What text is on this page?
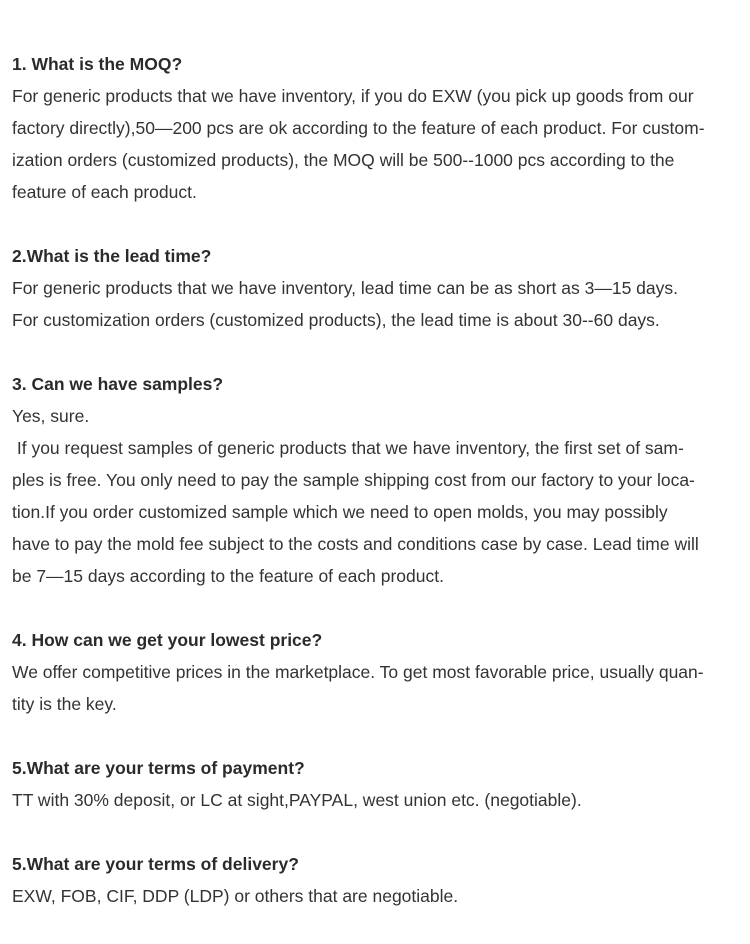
1. What is the MOQ?

For generic products that we have inventory, if you do EXW (you pick up goods from our

factory directly),50—200 pcs are ok according to the feature of each product. For custom-

ization orders (customized products), the MOQ will be 500--1000 pcs according to the

feature of each product.

2.What is the lead time?

For generic products that we have inventory, lead time can be as short as 3—15 days.

For customization orders (customized products), the lead time is about 30--60 days.

3. Can we have samples?

Yes, sure.

If you request samples of generic products that we have inventory, the first set of sam-

ples is free. You only need to pay the sample shipping cost from our factory to your loca-

tion.If you order customized sample which we need to open molds, you may possibly

have to pay the mold fee subject to the costs and conditions case by case. Lead time will

be 7—15 days according to the feature of each product.

4. How can we get your lowest price?

We offer competitive prices in the marketplace. To get most favorable price, usually quan-

tity is the key.

5.What are your terms of payment?

TT with 30% deposit, or LC at sight,PAYPAL, west union etc. (negotiable).

5.What are your terms of delivery?

EXW, FOB, CIF, DDP (LDP) or others that are negotiable.
